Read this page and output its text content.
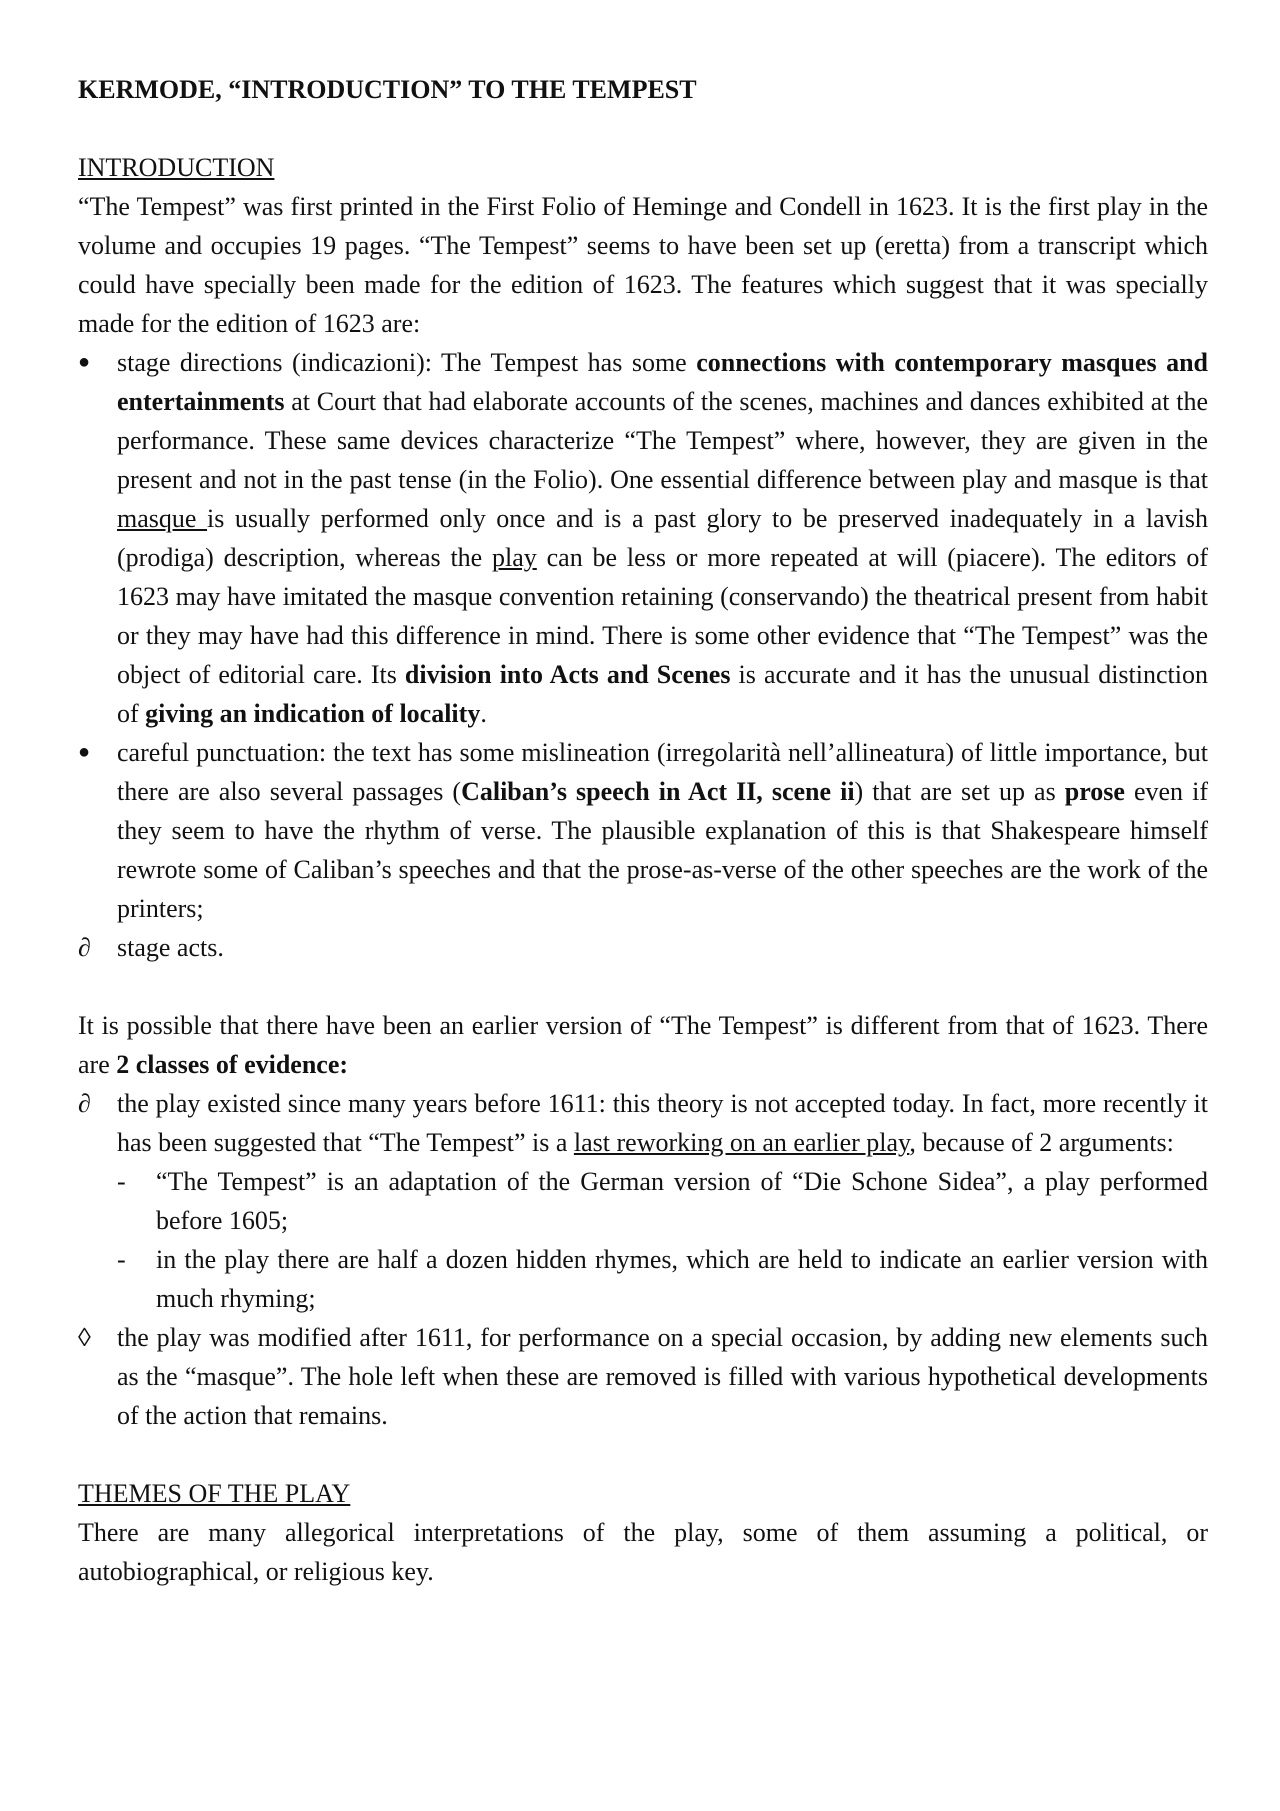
KERMODE, “INTRODUCTION” TO THE TEMPEST
INTRODUCTION

“The Tempest” was first printed in the First Folio of Heminge and Condell in 1623. It is the first play in the volume and occupies 19 pages. “The Tempest” seems to have been set up (eretta) from a transcript which could have specially been made for the edition of 1623. The features which suggest that it was specially made for the edition of 1623 are:

●	stage directions (indicazioni): The Tempest has some connections with contemporary masques and entertainments at Court that had elaborate accounts of the scenes, machines and dances exhibited at the performance. These same devices characterize “The Tempest” where, however, they are given in the present and not in the past tense (in the Folio). One essential difference between play and masque is that masque is usually performed only once and is a past glory to be preserved inadequately in a lavish (prodiga) description, whereas the play can be less or more repeated at will (piacere). The editors of 1623 may have imitated the masque convention retaining (conservando) the theatrical present from habit or they may have had this difference in mind. There is some other evidence that “The Tempest” was the object of editorial care. Its division into Acts and Scenes is accurate and it has the unusual distinction of giving an indication of locality.
●	careful punctuation: the text has some mislineation (irregolarità nell’allineatura) of little importance, but there are also several passages (Caliban’s speech in Act II, scene ii) that are set up as prose even if they seem to have the rhythm of verse. The plausible explanation of this is that Shakespeare himself rewrote some of Caliban’s speeches and that the prose-as-verse of the other speeches are the work of the printers;
∂	stage acts.

It is possible that there have been an earlier version of “The Tempest” is different from that of 1623. There are 2 classes of evidence:

∂	the play existed since many years before 1611: this theory is not accepted today. In fact, more recently it has been suggested that “The Tempest” is a last reworking on an earlier play, because of 2 arguments:
-	“The Tempest” is an adaptation of the German version of “Die Schone Sidea”, a play performed before 1605;
-	in the play there are half a dozen hidden rhymes, which are held to indicate an earlier version with much rhyming;
◊	the play was modified after 1611, for performance on a special occasion, by adding new elements such as the “masque”. The hole left when these are removed is filled with various hypothetical developments of the action that remains.
THEMES OF THE PLAY

There are many allegorical interpretations of the play, some of them assuming a political, or autobiographical, or religious key.
